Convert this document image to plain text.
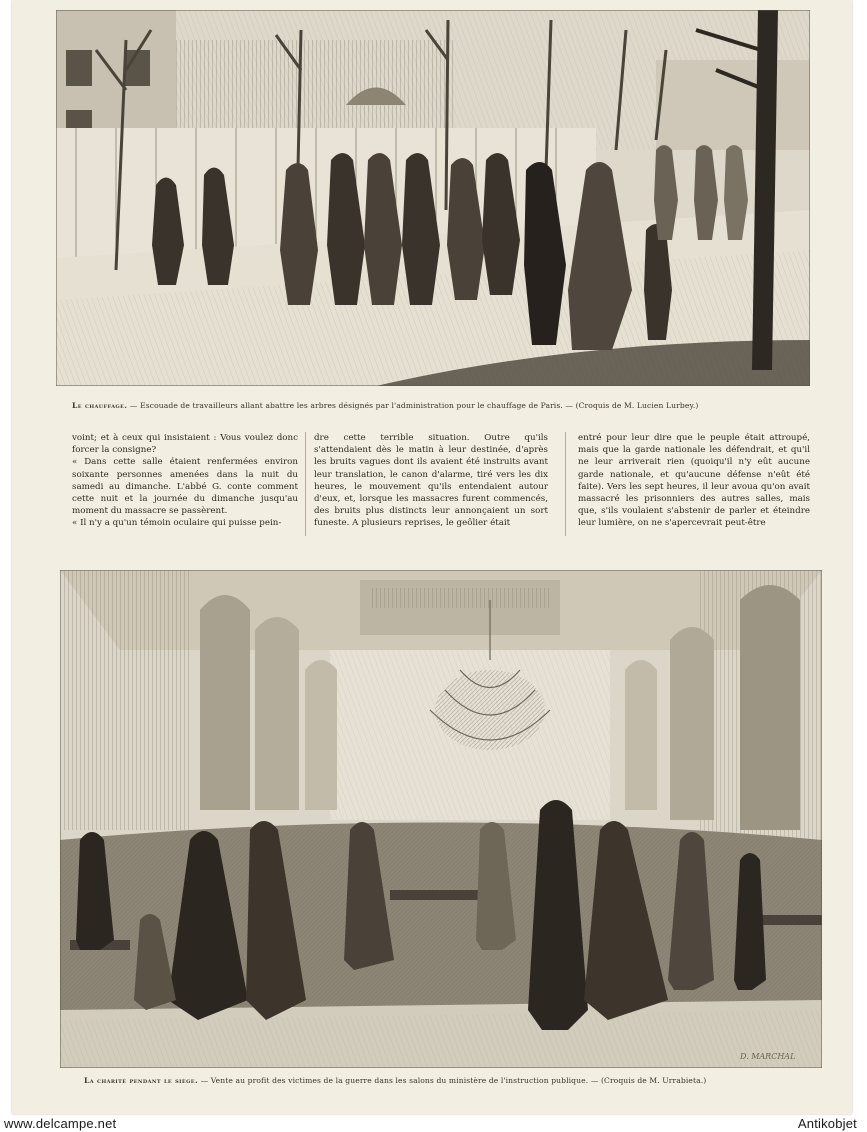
Le chauffage. — Escouade de travailleurs allant abattre les arbres désignés par l'administration pour le chauffage de Paris. — (Croquis de M. Lucien Lurbey.)

voint; et à ceux qui insistaient : Vous voulez donc forcer la consigne?

« Dans cette salle étaient renfermées environ soixante personnes amenées dans la nuit du samedi au dimanche. L'abbé G. conte comment cette nuit et la journée du dimanche jusqu'au moment du massacre se passèrent.

« Il n'y a qu'un témoin oculaire qui puisse pein-

dre cette terrible situation. Outre qu'ils s'attendaient dès le matin à leur destinée, d'après les bruits vagues dont ils avaient été instruits avant leur translation, le canon d'alarme, tiré vers les dix heures, le mouvement qu'ils entendaient autour d'eux, et, lorsque les massacres furent commencés, des bruits plus distincts leur annonçaient un sort funeste. A plusieurs reprises, le geôlier était

entré pour leur dire que le peuple était attroupé, mais que la garde nationale les défendrait, et qu'il ne leur arriverait rien (quoiqu'il n'y eût aucune garde nationale, et qu'aucune défense n'eût été faite). Vers les sept heures, il leur avoua qu'on avait massacré les prisonniers des autres salles, mais que, s'ils voulaient s'abstenir de parler et éteindre leur lumière, on ne s'apercevrait peut-être

D. MARCHAL
La charité pendant le siège. — Vente au profit des victimes de la guerre dans les salons du ministère de l'instruction publique. — (Croquis de M. Urrabieta.)
www.delcampe.net	Antikobjet
